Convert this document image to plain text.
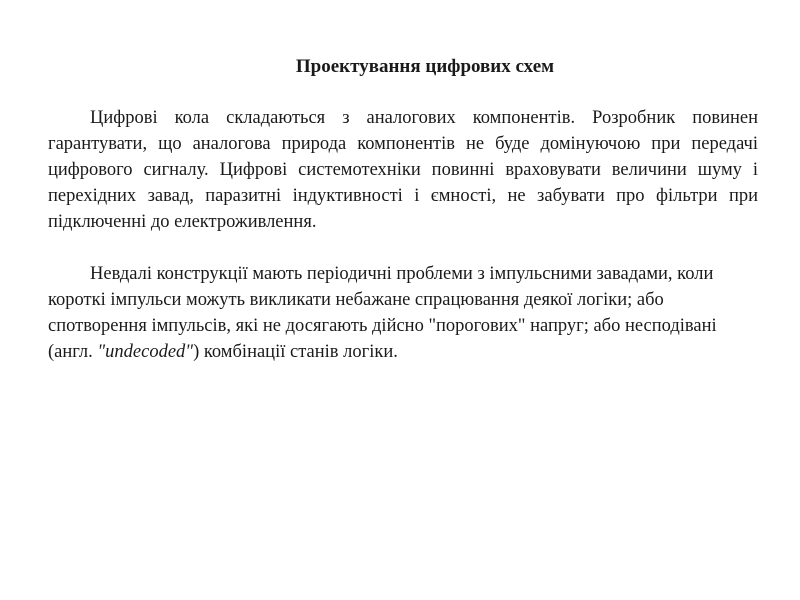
Проектування цифрових схем

Цифрові кола складаються з аналогових компонентів. Розробник повинен гарантувати, що аналогова природа компонентів не буде домінуючою при передачі цифрового сигналу. Цифрові системотехніки повинні враховувати величини шуму і перехідних завад, паразитні індуктивності і ємності, не забувати про фільтри при підключенні до електроживлення.

Невдалі конструкції мають періодичні проблеми з імпульсними завадами, коли короткі імпульси можуть викликати небажане спрацювання деякої логіки; або спотворення імпульсів, які не досягають дійсно "порогових" напруг; або несподівані (англ. "undecoded") комбінації станів логіки.
